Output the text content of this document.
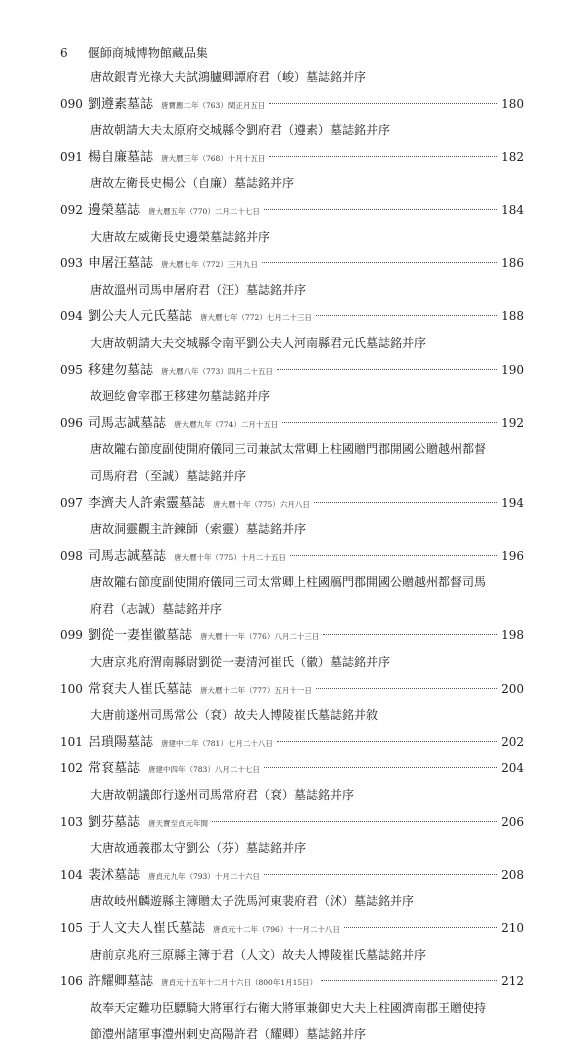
6 偃師商城博物館藏品集
唐故銀青光祿大夫試鴻臚卿譚府君（峻）墓誌銘并序
090 劉遵素墓誌 唐寶應二年（763）閏正月五日	180
唐故朝請大夫太原府交城縣令劉府君（遵素）墓誌銘并序
091 楊自廉墓誌 唐大曆三年（768）十月十五日	182
唐故左衛長史楊公（自廉）墓誌銘并序
092 邊榮墓誌 唐大曆五年（770）二月二十七日	184
大唐故左威衛長史邊榮墓誌銘并序
093 申屠汪墓誌 唐大曆七年（772）三月九日	186
唐故溫州司馬申屠府君（汪）墓誌銘并序
094 劉公夫人元氏墓誌 唐大曆七年（772）七月二十三日	188
大唐故朝請大夫交城縣令南平劉公夫人河南縣君元氏墓誌銘并序
095 移建勿墓誌 唐大曆八年（773）四月二十五日	190
故迴紇會宰郡王移建勿墓誌銘并序
096 司馬志誠墓誌 唐大曆九年（774）二月十五日	192
唐故隴右節度副使開府儀同三司兼試太常卿上柱國贈門郡開國公贈越州都督
司馬府君（至誠）墓誌銘并序
097 李濟夫人許索靈墓誌 唐大曆十年（775）六月八日	194
唐故洞靈觀主許鍊師（索靈）墓誌銘并序
098 司馬志誠墓誌 唐大曆十年（775）十月二十五日	196
唐故隴右節度副使開府儀同三司太常卿上柱國鴈門郡開國公贈越州都督司馬
府君（志誠）墓誌銘并序
099 劉從一妻崔徽墓誌 唐大曆十一年（776）八月二十三日	198
大唐京兆府渭南縣尉劉從一妻清河崔氏（徽）墓誌銘并序
100 常袞夫人崔氏墓誌 唐大曆十二年（777）五月十一日	200
大唐前遂州司馬常公（袞）故夫人博陵崔氏墓誌銘并敘
101 呂瑣陽墓誌 唐建中二年（781）七月二十八日	202
102 常袞墓誌 唐建中四年（783）八月二十七日	204
大唐故朝議郎行遂州司馬常府君（袞）墓誌銘并序
103 劉芬墓誌 唐天寶至貞元年間	206
大唐故通義郡太守劉公（芬）墓誌銘并序
104 裴沭墓誌 唐貞元九年（793）十月二十六日	208
唐故岐州麟遊縣主簿贈太子洗馬河東裴府君（沭）墓誌銘并序
105 于人文夫人崔氏墓誌 唐貞元十二年（796）十一月二十八日	210
唐前京兆府三原縣主簿于君（人文）故夫人博陵崔氏墓誌銘并序
106 許耀卿墓誌 唐貞元十五年十二月十六日（800年1月15日）	212
故奉天定難功臣驃騎大將軍行右衛大將軍兼御史大夫上柱國濟南郡王贈使持
節澧州諸軍事澧州剌史高陽許君（耀卿）墓誌銘并序
